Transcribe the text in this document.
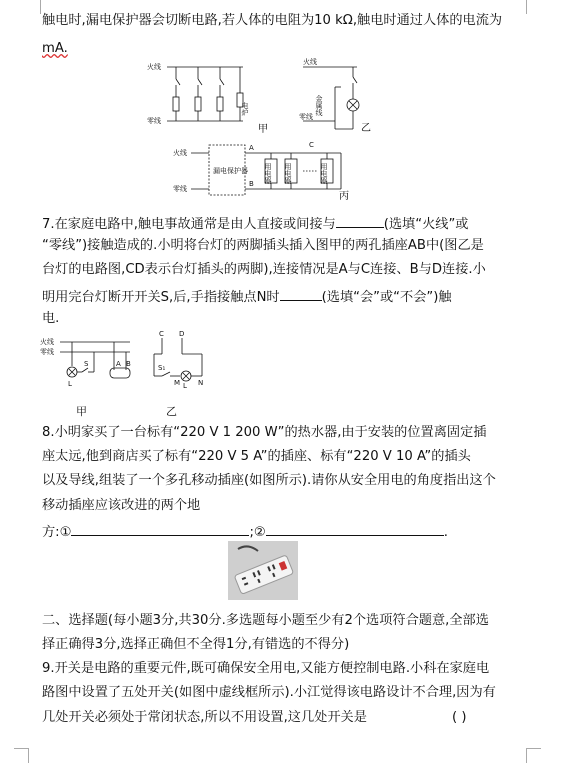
触电时,漏电保护器会切断电路,若人体的电阻为10 kΩ,触电时通过人体的电流为
mA.
火线
零线
电炉
甲
火线
零线
金属线
乙
火线
零线
漏电保护器
A
B
C
用电器 用电器	用电器
丙
7.在家庭电路中,触电事故通常是由人直接或间接与	(选填“火线”或
“零线”)接触造成的.小明将台灯的两脚插头插入图甲的两孔插座AB中(图乙是
台灯的电路图,CD表示台灯插头的两脚),连接情况是A与C连接、B与D连接.小
明用完台灯断开开关S,后,手指接触点N时	(选填“会”或“不会”)触
电.
火线
零线
S
L
A B
C D
S₁
M	N
L
甲	乙
8.小明家买了一台标有“220 V 1 200 W”的热水器,由于安装的位置离固定插
座太远,他到商店买了标有“220 V 5 A”的插座、标有“220 V 10 A”的插头
以及导线,组装了一个多孔移动插座(如图所示).请你从安全用电的角度指出这个
移动插座应该改进的两个地
方:①	;②	.
二、选择题(每小题3分,共30分.多选题每小题至少有2个选项符合题意,全部选
择正确得3分,选择正确但不全得1分,有错选的不得分)
9.开关是电路的重要元件,既可确保安全用电,又能方便控制电路.小科在家庭电
路图中设置了五处开关(如图中虚线框所示).小江觉得该电路设计不合理,因为有
几处开关必须处于常闭状态,所以不用设置,这几处开关是	( )
